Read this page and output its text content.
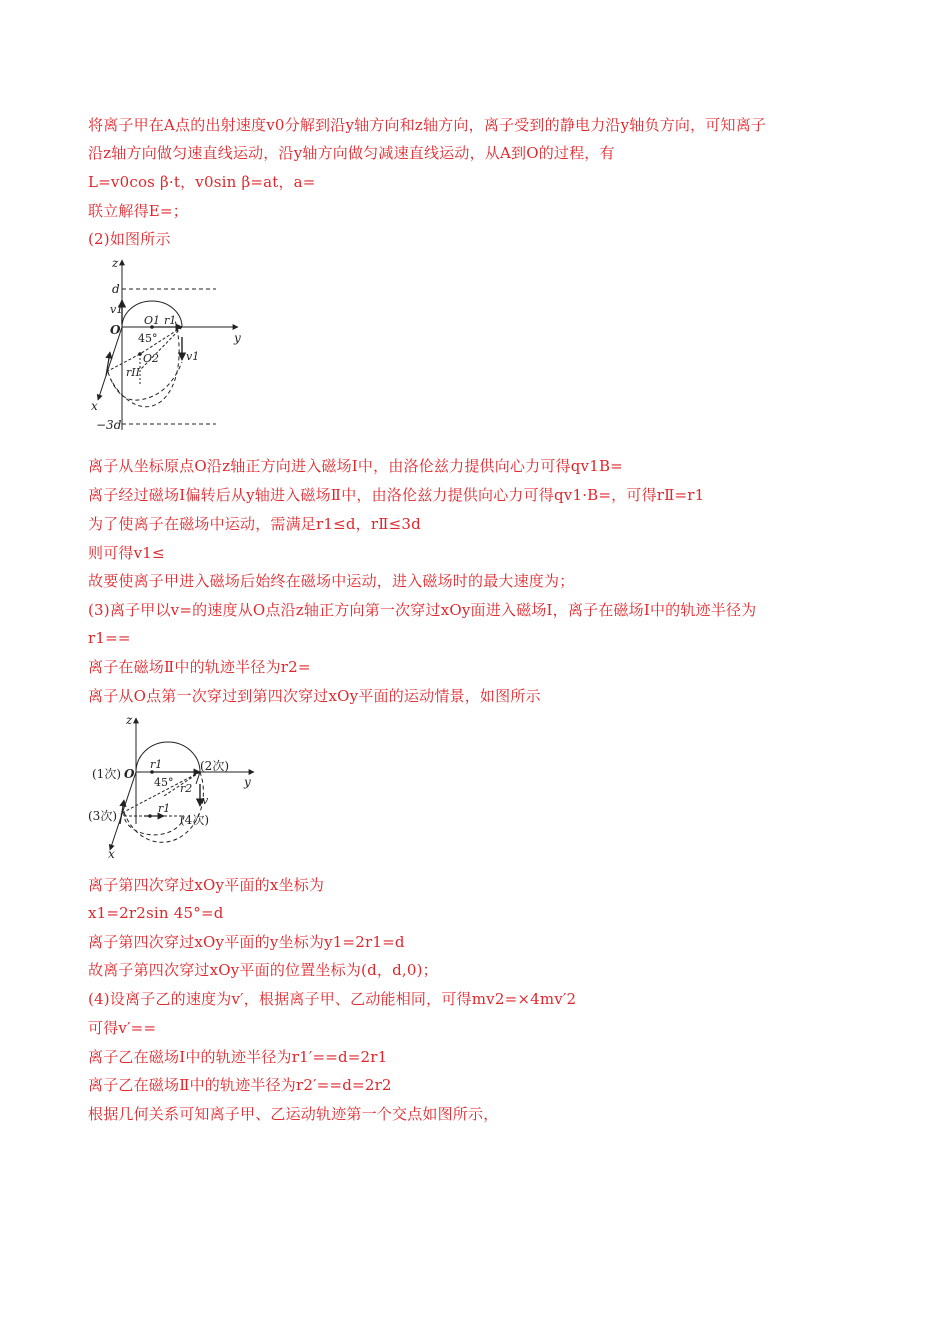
将离子甲在A点的出射速度v0分解到沿y轴方向和z轴方向，离子受到的静电力沿y轴负方向，可知离子
沿z轴方向做匀速直线运动，沿y轴方向做匀减速直线运动，从A到O的过程，有
L=v0cos β·t，v0sin β=at，a=
联立解得E=；
(2)如图所示
z
y
x
d
−3d
v1
O
O1 r1
45°
O2
rII
v1
离子从坐标原点O沿z轴正方向进入磁场Ⅰ中，由洛伦兹力提供向心力可得qv1B=
离子经过磁场Ⅰ偏转后从y轴进入磁场Ⅱ中，由洛伦兹力提供向心力可得qv1·B=，可得rⅡ=r1
为了使离子在磁场中运动，需满足r1≤d，rⅡ≤3d
则可得v1≤
故要使离子甲进入磁场后始终在磁场中运动，进入磁场时的最大速度为；
(3)离子甲以v=的速度从O点沿z轴正方向第一次穿过xOy面进入磁场Ⅰ，离子在磁场Ⅰ中的轨迹半径为
r1==
离子在磁场Ⅱ中的轨迹半径为r2=
离子从O点第一次穿过到第四次穿过xOy平面的运动情景，如图所示
z
y
x
O
(1次)
(2次)
(3次)	(4次)
r1
45° r2
r1
v
离子第四次穿过xOy平面的x坐标为
x1=2r2sin 45°=d
离子第四次穿过xOy平面的y坐标为y1=2r1=d
故离子第四次穿过xOy平面的位置坐标为(d，d,0)；
(4)设离子乙的速度为v′，根据离子甲、乙动能相同，可得mv2=×4mv′2
可得v′==
离子乙在磁场Ⅰ中的轨迹半径为r1′==d=2r1
离子乙在磁场Ⅱ中的轨迹半径为r2′==d=2r2
根据几何关系可知离子甲、乙运动轨迹第一个交点如图所示，
